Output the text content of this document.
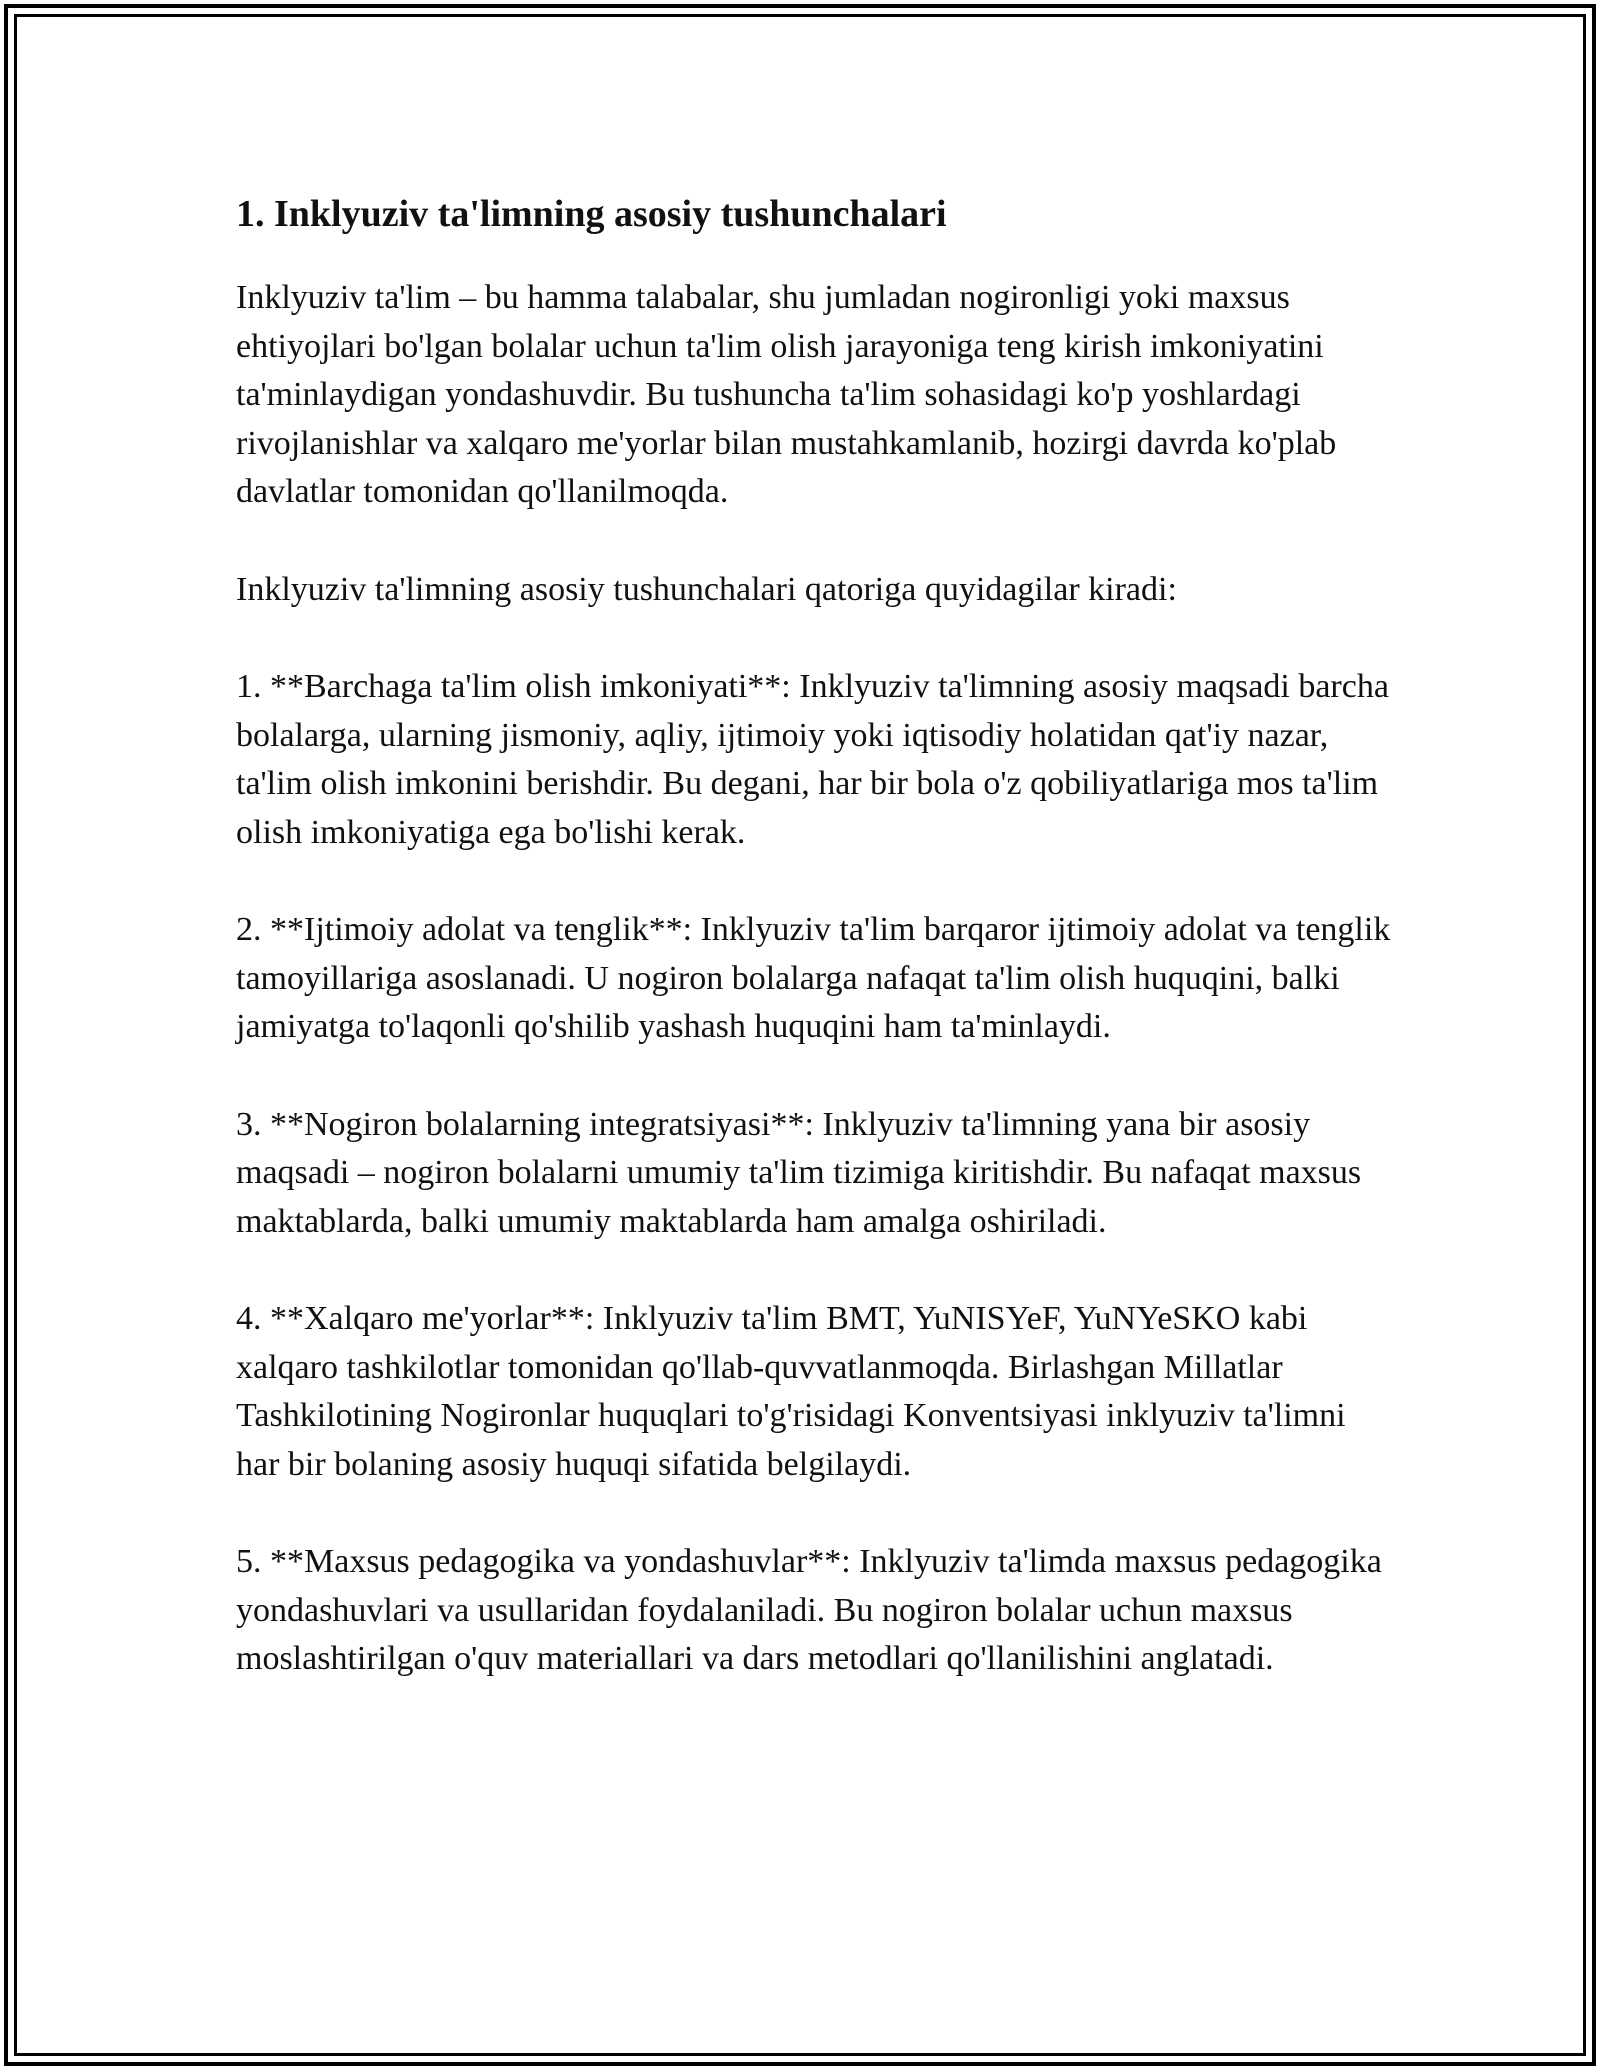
1. Inklyuziv ta'limning asosiy tushunchalari

Inklyuziv ta'lim – bu hamma talabalar, shu jumladan nogironligi yoki maxsus ehtiyojlari bo'lgan bolalar uchun ta'lim olish jarayoniga teng kirish imkoniyatini ta'minlaydigan yondashuvdir. Bu tushuncha ta'lim sohasidagi ko'p yoshlardagi rivojlanishlar va xalqaro me'yorlar bilan mustahkamlanib, hozirgi davrda ko'plab davlatlar tomonidan qo'llanilmoqda.

Inklyuziv ta'limning asosiy tushunchalari qatoriga quyidagilar kiradi:

1. **Barchaga ta'lim olish imkoniyati**: Inklyuziv ta'limning asosiy maqsadi barcha bolalarga, ularning jismoniy, aqliy, ijtimoiy yoki iqtisodiy holatidan qat'iy nazar, ta'lim olish imkonini berishdir. Bu degani, har bir bola o'z qobiliyatlariga mos ta'lim olish imkoniyatiga ega bo'lishi kerak.

2. **Ijtimoiy adolat va tenglik**: Inklyuziv ta'lim barqaror ijtimoiy adolat va tenglik tamoyillariga asoslanadi. U nogiron bolalarga nafaqat ta'lim olish huquqini, balki jamiyatga to'laqonli qo'shilib yashash huquqini ham ta'minlaydi.

3. **Nogiron bolalarning integratsiyasi**: Inklyuziv ta'limning yana bir asosiy maqsadi – nogiron bolalarni umumiy ta'lim tizimiga kiritishdir. Bu nafaqat maxsus maktablarda, balki umumiy maktablarda ham amalga oshiriladi.

4. **Xalqaro me'yorlar**: Inklyuziv ta'lim BMT, YuNISYeF, YuNYeSKO kabi xalqaro tashkilotlar tomonidan qo'llab-quvvatlanmoqda. Birlashgan Millatlar Tashkilotining Nogironlar huquqlari to'g'risidagi Konventsiyasi inklyuziv ta'limni har bir bolaning asosiy huquqi sifatida belgilaydi.

5. **Maxsus pedagogika va yondashuvlar**: Inklyuziv ta'limda maxsus pedagogika yondashuvlari va usullaridan foydalaniladi. Bu nogiron bolalar uchun maxsus moslashtirilgan o'quv materiallari va dars metodlari qo'llanilishini anglatadi.
